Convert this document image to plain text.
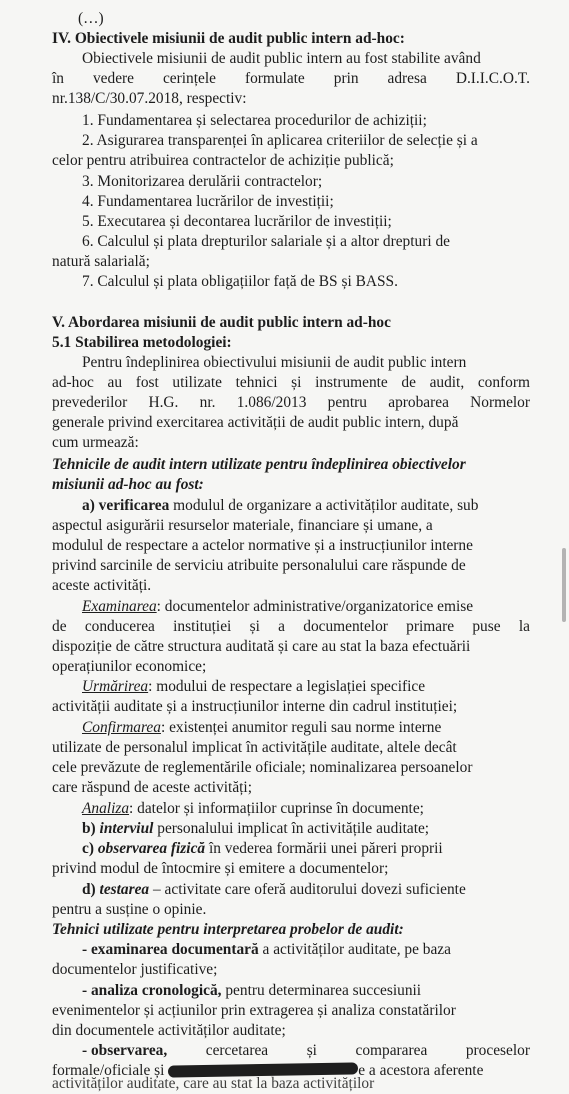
(…)
IV. Obiectivele misiunii de audit public intern ad-hoc:
Obiectivele misiunii de audit public intern au fost stabilite având
în vedere cerințele formulate prin adresa D.I.I.C.O.T.
nr.138/C/30.07.2018, respectiv:
1. Fundamentarea și selectarea procedurilor de achiziții;
2. Asigurarea transparenței în aplicarea criteriilor de selecție și a
celor pentru atribuirea contractelor de achiziție publică;
3. Monitorizarea derulării contractelor;
4. Fundamentarea lucrărilor de investiții;
5. Executarea și decontarea lucrărilor de investiții;
6. Calculul și plata drepturilor salariale și a altor drepturi de
natură salarială;
7. Calculul și plata obligațiilor față de BS și BASS.
V. Abordarea misiunii de audit public intern ad-hoc
5.1 Stabilirea metodologiei:
Pentru îndeplinirea obiectivului misiunii de audit public intern
ad-hoc au fost utilizate tehnici și instrumente de audit, conform
prevederilor H.G. nr. 1.086/2013 pentru aprobarea Normelor
generale privind exercitarea activității de audit public intern, după
cum urmează:
Tehnicile de audit intern utilizate pentru îndeplinirea obiectivelor
misiunii ad-hoc au fost:
a) verificarea modulul de organizare a activităților auditate, sub
aspectul asigurării resurselor materiale, financiare și umane, a
modulul de respectare a actelor normative și a instrucțiunilor interne
privind sarcinile de serviciu atribuite personalului care răspunde de
aceste activități.
Examinarea: documentelor administrative/organizatorice emise
de conducerea instituției și a documentelor primare puse la
dispoziție de către structura auditată și care au stat la baza efectuării
operațiunilor economice;
Urmărirea: modului de respectare a legislației specifice
activității auditate și a instrucțiunilor interne din cadrul instituției;
Confirmarea: existenței anumitor reguli sau norme interne
utilizate de personalul implicat în activitățile auditate, altele decât
cele prevăzute de reglementările oficiale; nominalizarea persoanelor
care răspund de aceste activități;
Analiza: datelor și informațiilor cuprinse în documente;
b) interviul personalului implicat în activitățile auditate;
c) observarea fizică în vederea formării unei păreri proprii
privind modul de întocmire și emitere a documentelor;
d) testarea – activitate care oferă auditorului dovezi suficiente
pentru a susține o opinie.
Tehnici utilizate pentru interpretarea probelor de audit:
- examinarea documentară a activităților auditate, pe baza
documentelor justificative;
- analiza cronologică, pentru determinarea succesiunii
evenimentelor și acțiunilor prin extragerea și analiza constatărilor
din documentele activităților auditate;
- observarea,	cercetarea	și	compararea	proceselor
formale/oficiale și	e a acestora aferente
activităților auditate, care au stat la baza activităților
